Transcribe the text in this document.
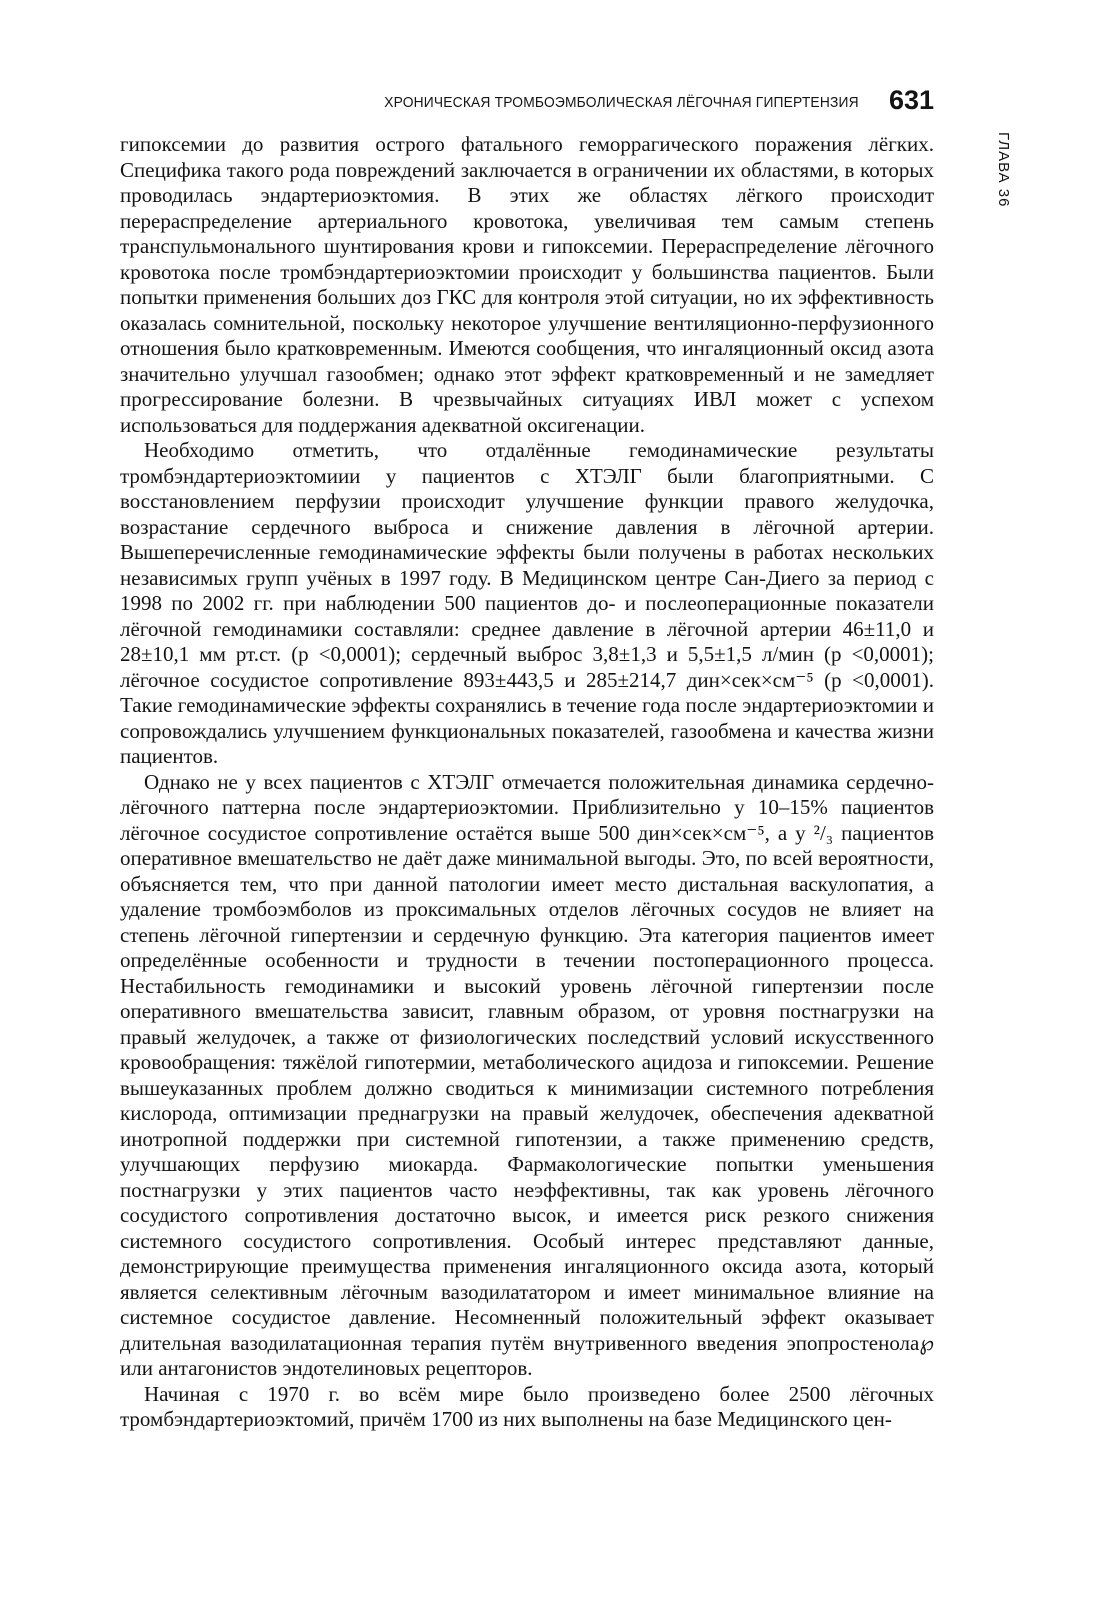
ХРОНИЧЕСКАЯ ТРОМБОЭМБОЛИЧЕСКАЯ ЛЁГОЧНАЯ ГИПЕРТЕНЗИЯ 631
ГЛАВА 36

гипоксемии до развития острого фатального геморрагического поражения лёгких. Специфика такого рода повреждений заключается в ограничении их областями, в которых проводилась эндартериоэктомия. В этих же областях лёгкого происходит перераспределение артериального кровотока, увеличивая тем самым степень транспульмонального шунтирования крови и гипоксемии. Перераспределение лёгочного кровотока после тромбэндартериоэктомии происходит у большинства пациентов. Были попытки применения больших доз ГКС для контроля этой ситуации, но их эффективность оказалась сомнительной, поскольку некоторое улучшение вентиляционно-перфузионного отношения было кратковременным. Имеются сообщения, что ингаляционный оксид азота значительно улучшал газообмен; однако этот эффект кратковременный и не замедляет прогрессирование болезни. В чрезвычайных ситуациях ИВЛ может с успехом использоваться для поддержания адекватной оксигенации.

Необходимо отметить, что отдалённые гемодинамические результаты тромбэндартериоэктомиии у пациентов с ХТЭЛГ были благоприятными. С восстановлением перфузии происходит улучшение функции правого желудочка, возрастание сердечного выброса и снижение давления в лёгочной артерии. Вышеперечисленные гемодинамические эффекты были получены в работах нескольких независимых групп учёных в 1997 году. В Медицинском центре Сан-Диего за период с 1998 по 2002 гг. при наблюдении 500 пациентов до- и послеоперационные показатели лёгочной гемодинамики составляли: среднее давление в лёгочной артерии 46±11,0 и 28±10,1 мм рт.ст. (р <0,0001); сердечный выброс 3,8±1,3 и 5,5±1,5 л/мин (р <0,0001); лёгочное сосудистое сопротивление 893±443,5 и 285±214,7 дин×сек×см⁻⁵ (р <0,0001). Такие гемодинамические эффекты сохранялись в течение года после эндартериоэктомии и сопровождались улучшением функциональных показателей, газообмена и качества жизни пациентов.

Однако не у всех пациентов с ХТЭЛГ отмечается положительная динамика сердечно-лёгочного паттерна после эндартериоэктомии. Приблизительно у 10–15% пациентов лёгочное сосудистое сопротивление остаётся выше 500 дин×сек×см⁻⁵, а у ²/₃ пациентов оперативное вмешательство не даёт даже минимальной выгоды. Это, по всей вероятности, объясняется тем, что при данной патологии имеет место дистальная васкулопатия, а удаление тромбоэмболов из проксимальных отделов лёгочных сосудов не влияет на степень лёгочной гипертензии и сердечную функцию. Эта категория пациентов имеет определённые особенности и трудности в течении постоперационного процесса. Нестабильность гемодинамики и высокий уровень лёгочной гипертензии после оперативного вмешательства зависит, главным образом, от уровня постнагрузки на правый желудочек, а также от физиологических последствий условий искусственного кровообращения: тяжёлой гипотермии, метаболического ацидоза и гипоксемии. Решение вышеуказанных проблем должно сводиться к минимизации системного потребления кислорода, оптимизации преднагрузки на правый желудочек, обеспечения адекватной инотропной поддержки при системной гипотензии, а также применению средств, улучшающих перфузию миокарда. Фармакологические попытки уменьшения постнагрузки у этих пациентов часто неэффективны, так как уровень лёгочного сосудистого сопротивления достаточно высок, и имеется риск резкого снижения системного сосудистого сопротивления. Особый интерес представляют данные, демонстрирующие преимущества применения ингаляционного оксида азота, который является селективным лёгочным вазодилататором и имеет минимальное влияние на системное сосудистое давление. Несомненный положительный эффект оказывает длительная вазодилатационная терапия путём внутривенного введения эпопростенола℘ или антагонистов эндотелиновых рецепторов.

Начиная с 1970 г. во всём мире было произведено более 2500 лёгочных тромбэндартериоэктомий, причём 1700 из них выполнены на базе Медицинского цен-
